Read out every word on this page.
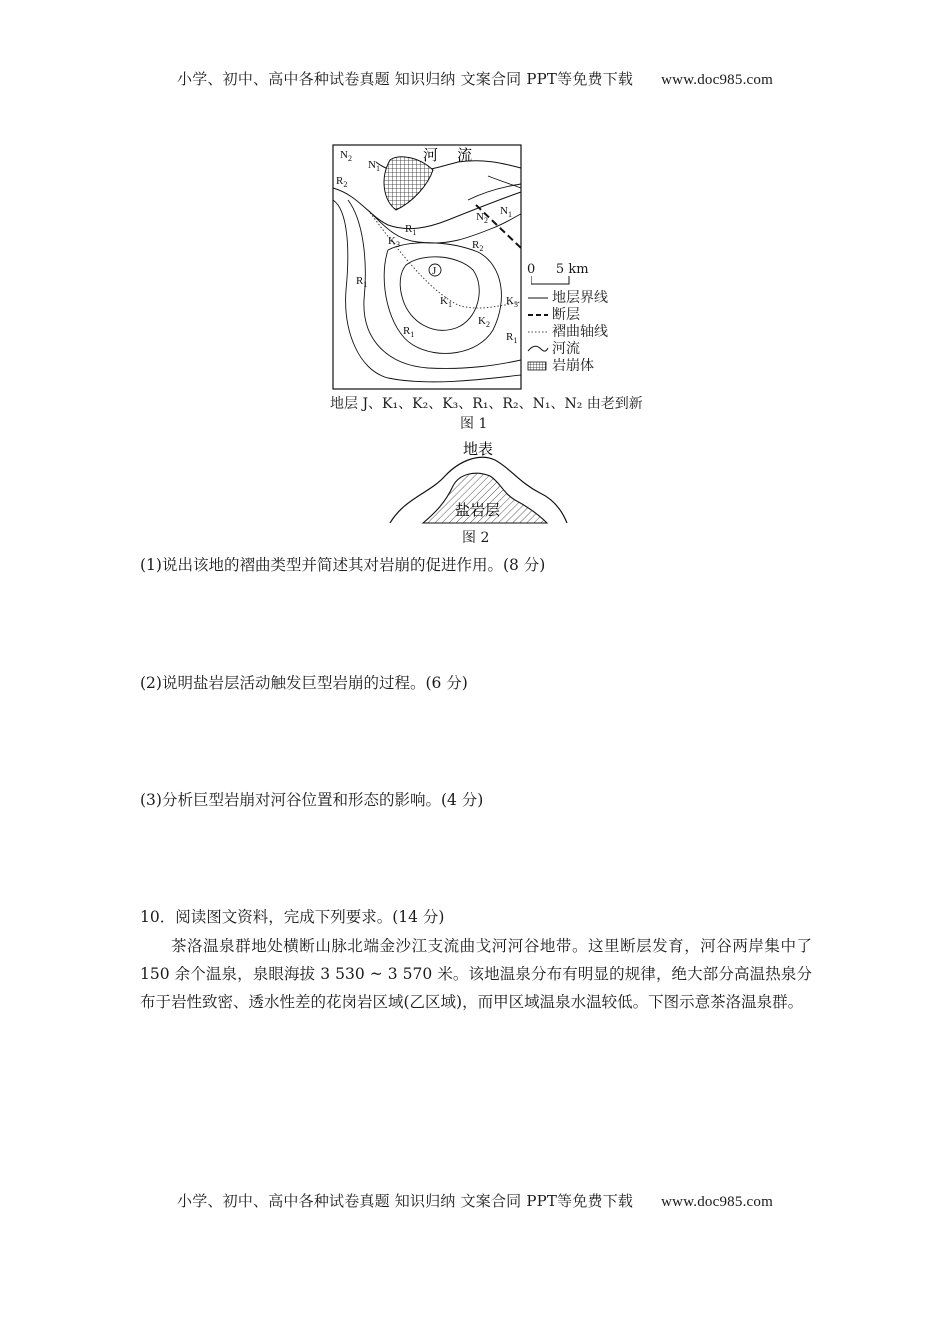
小学、初中、高中各种试卷真题 知识归纳 文案合同 PPT等免费下载 www.doc985.com
河    流
$N_2$
$N_1$
$R_2$
$R_1$
$K_3$
$N_2$
$N_1$
$R_2$
$R_1$
J
$K_1$	$K_3$
$K_2$
$R_1$	$R_1$
0     5 km
地层界线
断层
褶曲轴线
河流
岩崩体
地层 J、K₁、K₂、K₃、R₁、R₂、N₁、N₂ 由老到新
图 1
地表
盐岩层
图 2
(1)说出该地的褶曲类型并简述其对岩崩的促进作用。(8 分)
(2)说明盐岩层活动触发巨型岩崩的过程。(6 分)
(3)分析巨型岩崩对河谷位置和形态的影响。(4 分)
10．阅读图文资料，完成下列要求。(14 分)
茶洛温泉群地处横断山脉北端金沙江支流曲戈河河谷地带。这里断层发育，河谷两岸集中了 150 余个温泉，泉眼海拔 3 530 ~ 3 570 米。该地温泉分布有明显的规律，绝大部分高温热泉分布于岩性致密、透水性差的花岗岩区域(乙区域)，而甲区域温泉水温较低。下图示意茶洛温泉群。
小学、初中、高中各种试卷真题 知识归纳 文案合同 PPT等免费下载 www.doc985.com
